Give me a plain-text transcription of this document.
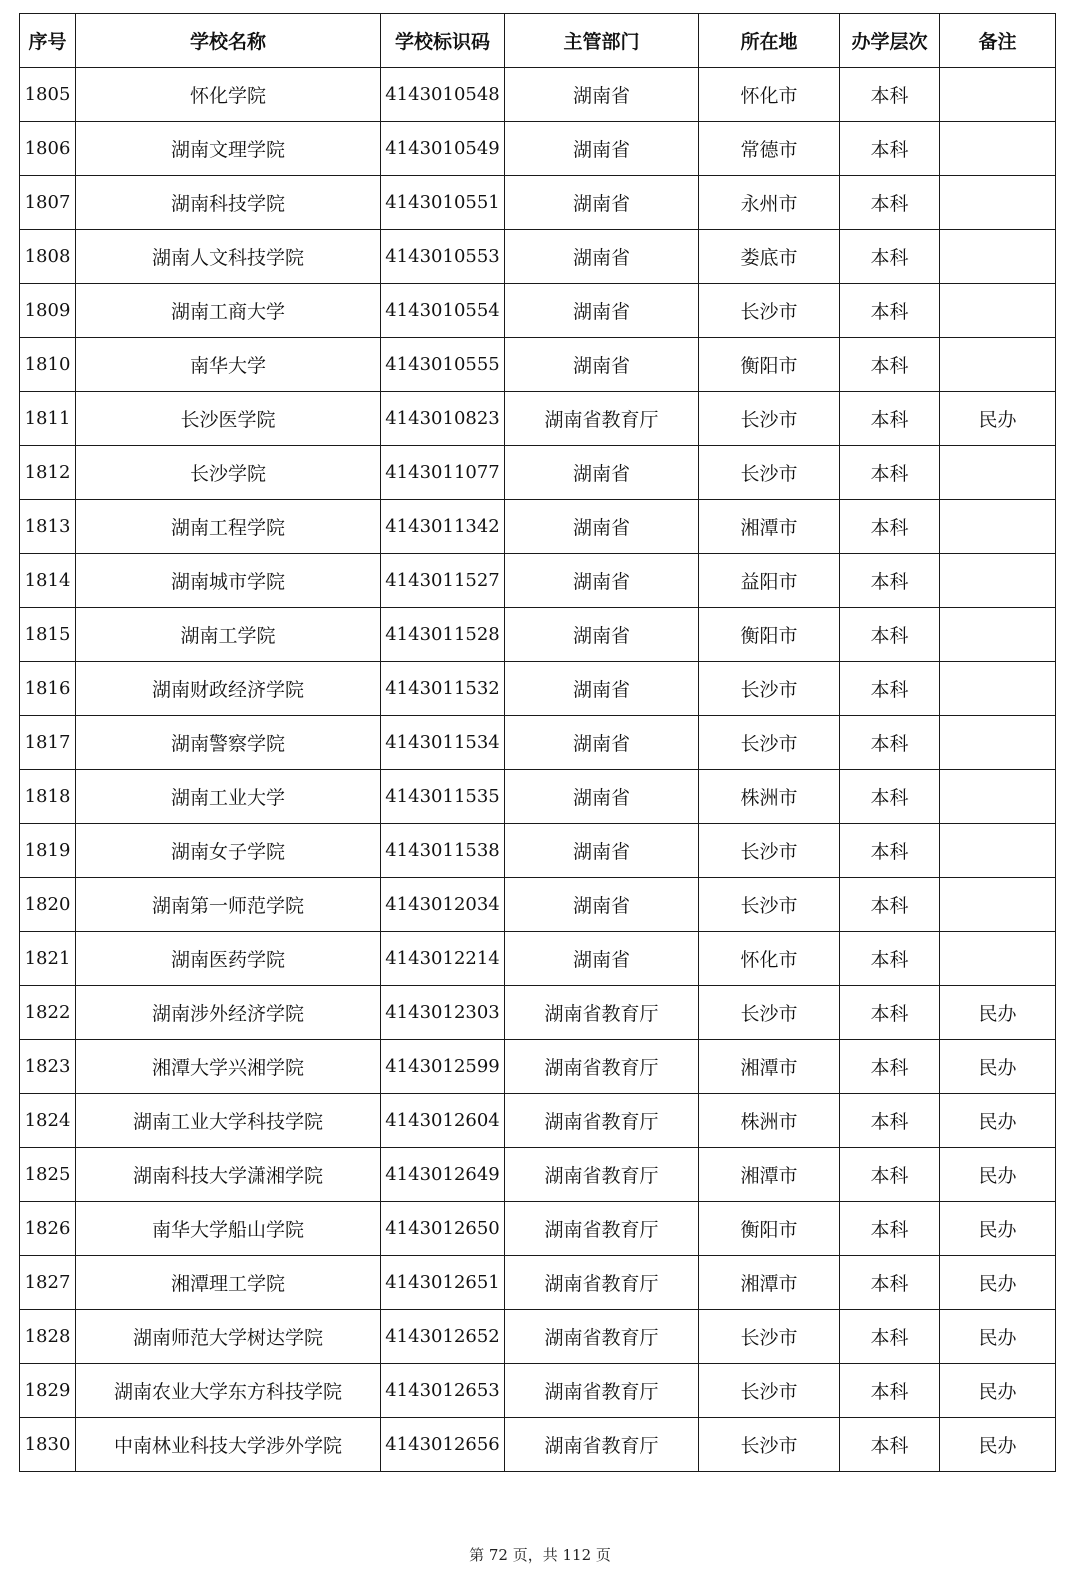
序号	学校名称	学校标识码	主管部门	所在地	办学层次	备注
1805	怀化学院	4143010548	湖南省	怀化市	本科	
1806	湖南文理学院	4143010549	湖南省	常德市	本科	
1807	湖南科技学院	4143010551	湖南省	永州市	本科	
1808	湖南人文科技学院	4143010553	湖南省	娄底市	本科	
1809	湖南工商大学	4143010554	湖南省	长沙市	本科	
1810	南华大学	4143010555	湖南省	衡阳市	本科	
1811	长沙医学院	4143010823	湖南省教育厅	长沙市	本科	民办
1812	长沙学院	4143011077	湖南省	长沙市	本科	
1813	湖南工程学院	4143011342	湖南省	湘潭市	本科	
1814	湖南城市学院	4143011527	湖南省	益阳市	本科	
1815	湖南工学院	4143011528	湖南省	衡阳市	本科	
1816	湖南财政经济学院	4143011532	湖南省	长沙市	本科	
1817	湖南警察学院	4143011534	湖南省	长沙市	本科	
1818	湖南工业大学	4143011535	湖南省	株洲市	本科	
1819	湖南女子学院	4143011538	湖南省	长沙市	本科	
1820	湖南第一师范学院	4143012034	湖南省	长沙市	本科	
1821	湖南医药学院	4143012214	湖南省	怀化市	本科	
1822	湖南涉外经济学院	4143012303	湖南省教育厅	长沙市	本科	民办
1823	湘潭大学兴湘学院	4143012599	湖南省教育厅	湘潭市	本科	民办
1824	湖南工业大学科技学院	4143012604	湖南省教育厅	株洲市	本科	民办
1825	湖南科技大学潇湘学院	4143012649	湖南省教育厅	湘潭市	本科	民办
1826	南华大学船山学院	4143012650	湖南省教育厅	衡阳市	本科	民办
1827	湘潭理工学院	4143012651	湖南省教育厅	湘潭市	本科	民办
1828	湖南师范大学树达学院	4143012652	湖南省教育厅	长沙市	本科	民办
1829	湖南农业大学东方科技学院	4143012653	湖南省教育厅	长沙市	本科	民办
1830	中南林业科技大学涉外学院	4143012656	湖南省教育厅	长沙市	本科	民办
第 72 页，共 112 页
